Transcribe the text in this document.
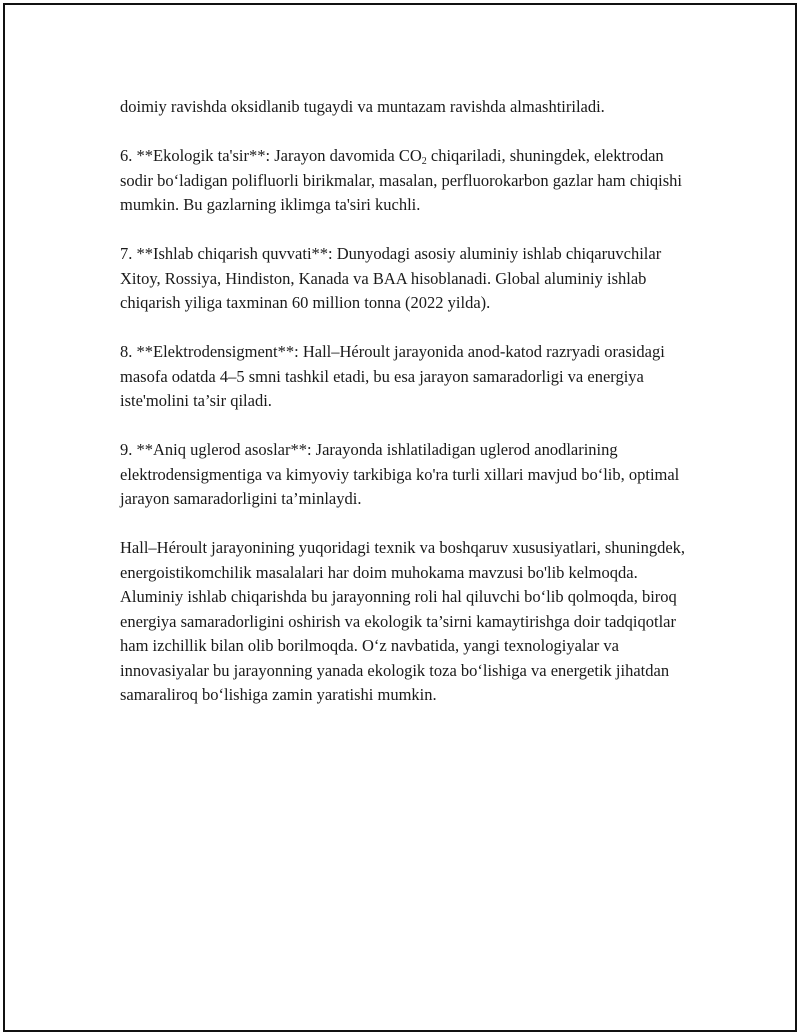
doimiy ravishda oksidlanib tugaydi va muntazam ravishda almashtiriladi.

6. **Ekologik ta'sir**: Jarayon davomida $CO_2$ chiqariladi, shuningdek, elektrodan sodir bo‘ladigan polifluorli birikmalar, masalan, perfluorokarbon gazlar ham chiqishi mumkin. Bu gazlarning iklimga ta'siri kuchli.

7. **Ishlab chiqarish quvvati**: Dunyodagi asosiy aluminiy ishlab chiqaruvchilar Xitoy, Rossiya, Hindiston, Kanada va BAA hisoblanadi. Global aluminiy ishlab chiqarish yiliga taxminan 60 million tonna (2022 yilda).

8. **Elektrodensigment**: Hall–Héroult jarayonida anod-katod razryadi orasidagi masofa odatda 4–5 smni tashkil etadi, bu esa jarayon samaradorligi va energiya iste'molini ta’sir qiladi.

9. **Aniq uglerod asoslar**: Jarayonda ishlatiladigan uglerod anodlarining elektrodensigmentiga va kimyoviy tarkibiga ko'ra turli xillari mavjud bo‘lib, optimal jarayon samaradorligini ta’minlaydi.

Hall–Héroult jarayonining yuqoridagi texnik va boshqaruv xususiyatlari, shuningdek, energoistikomchilik masalalari har doim muhokama mavzusi bo'lib kelmoqda. Aluminiy ishlab chiqarishda bu jarayonning roli hal qiluvchi bo‘lib qolmoqda, biroq energiya samaradorligini oshirish va ekologik ta’sirni kamaytirishga doir tadqiqotlar ham izchillik bilan olib borilmoqda. O‘z navbatida, yangi texnologiyalar va innovasiyalar bu jarayonning yanada ekologik toza bo‘lishiga va energetik jihatdan samaraliroq bo‘lishiga zamin yaratishi mumkin.
